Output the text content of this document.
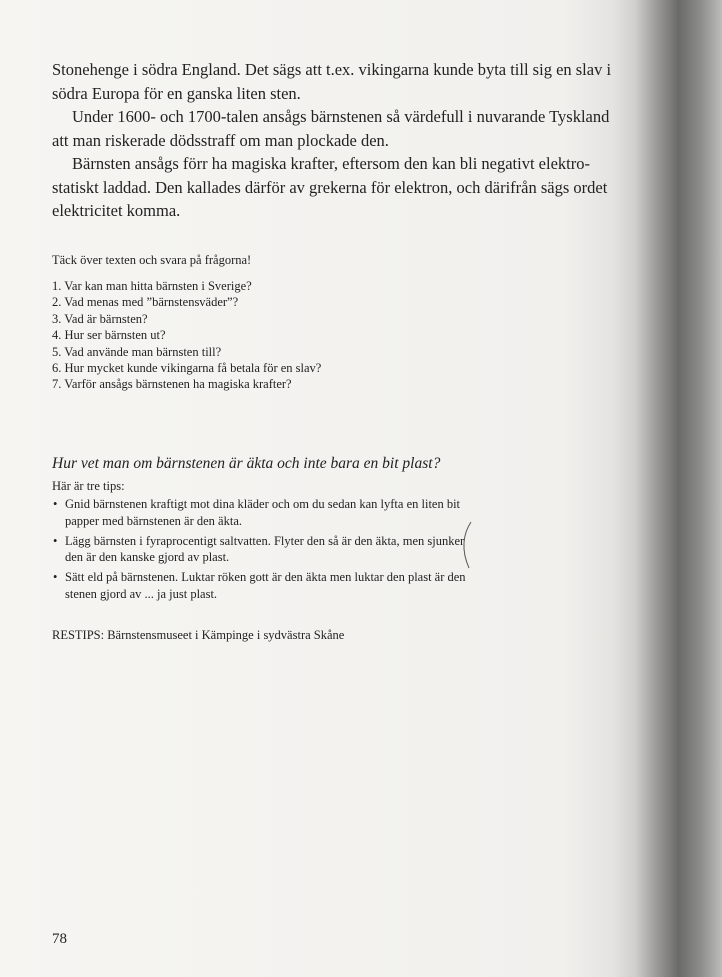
Stonehenge i södra England. Det sägs att t.ex. vikingarna kunde byta till sig en slav i södra Europa för en ganska liten sten.

Under 1600- och 1700-talen ansågs bärnstenen så värdefull i nuvarande Tyskland att man riskerade dödsstraff om man plockade den.

Bärnsten ansågs förr ha magiska krafter, eftersom den kan bli negativt elektro-statiskt laddad. Den kallades därför av grekerna för elektron, och därifrån sägs ordet elektricitet komma.

Täck över texten och svara på frågorna!
1. Var kan man hitta bärnsten i Sverige?
2. Vad menas med ”bärnstensväder”?
3. Vad är bärnsten?
4. Hur ser bärnsten ut?
5. Vad använde man bärnsten till?
6. Hur mycket kunde vikingarna få betala för en slav?
7. Varför ansågs bärnstenen ha magiska krafter?
Hur vet man om bärnstenen är äkta och inte bara en bit plast?
Här är tre tips:
• Gnid bärnstenen kraftigt mot dina kläder och om du sedan kan lyfta en liten bit papper med bärnstenen är den äkta.
• Lägg bärnsten i fyraprocentigt saltvatten. Flyter den så är den äkta, men sjunker den är den kanske gjord av plast.
• Sätt eld på bärnstenen. Luktar röken gott är den äkta men luktar den plast är den stenen gjord av ... ja just plast.
RESTIPS: Bärnstensmuseet i Kämpinge i sydvästra Skåne
78
